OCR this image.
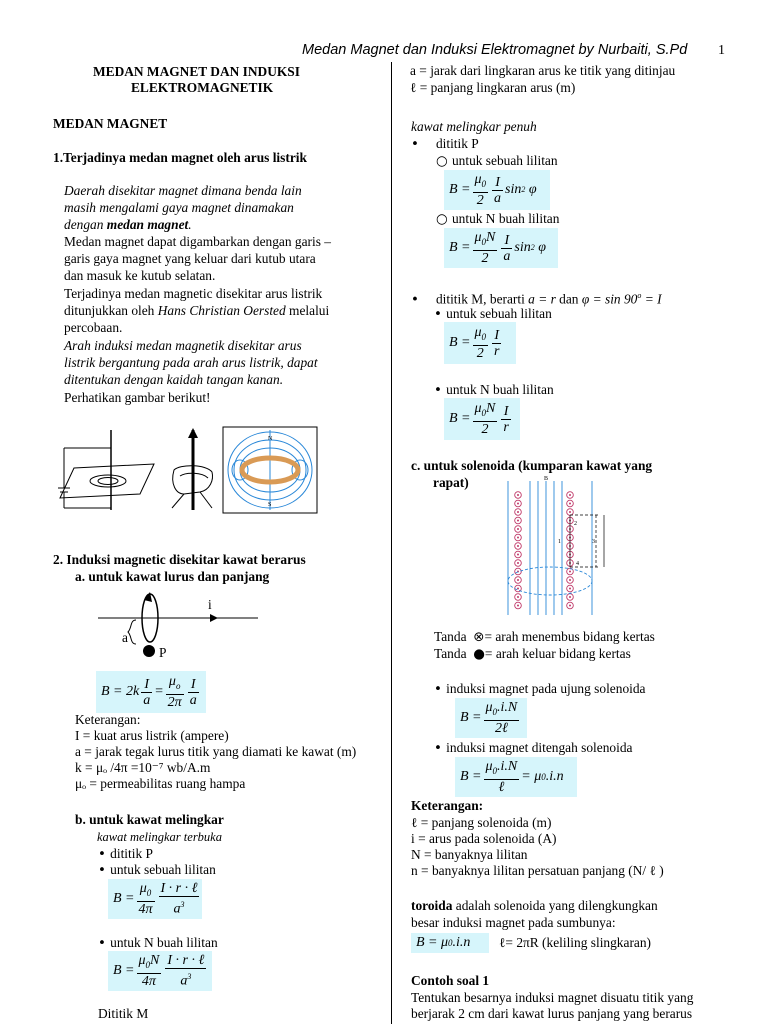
Medan Magnet dan Induksi Elektromagnet by Nurbaiti, S.Pd 1
MEDAN MAGNET DAN INDUKSI
ELEKTROMAGNETIK
MEDAN MAGNET
1.Terjadinya medan magnet oleh arus listrik
Daerah disekitar magnet dimana benda lain
masih mengalami gaya magnet dinamakan
dengan medan magnet.
Medan magnet dapat digambarkan dengan garis –
garis gaya magnet yang keluar dari kutub utara
dan masuk ke kutub selatan.
Terjadinya medan magnetic disekitar arus listrik
ditunjukkan oleh Hans Christian Oersted melalui
percobaan.
Arah induksi medan magnetik disekitar arus
listrik bergantung pada arah arus listrik, dapat
ditentukan dengan kaidah tangan kanan.
Perhatikan gambar berikut!
N
S
2. Induksi magnetic disekitar kawat berarus
a. untuk kawat lurus dan panjang
i
a
P
$B = 2k \frac{I}{a} = \frac{\mu_o}{2\pi} \frac{I}{a}$
Keterangan:
I = kuat arus listrik (ampere)
a = jarak tegak lurus titik yang diamati ke kawat (m)
k = μₒ /4π =10⁻⁷ wb/A.m
μₒ = permeabilitas ruang hampa
b. untuk kawat melingkar
kawat melingkar terbuka
• dititik P
• untuk sebuah lilitan
$B = \frac{\mu_0}{4\pi} \frac{\text{I · r · ℓ}}{a^3}$
• untuk N buah lilitan
$B = \frac{\mu_0N}{4\pi} \frac{\text{I · r · ℓ}}{a^3}$
Dititik M
a = jarak dari lingkaran arus ke titik yang ditinjau
ℓ = panjang lingkaran arus (m)
kawat melingkar penuh
•    dititik P
○ untuk sebuah lilitan
$B = \frac{\mu_0}{2} \frac{I}{a}$ sin 2 φ
○ untuk N buah lilitan
$B = \frac{\mu_0N}{2} \frac{I}{a}$ sin 2 φ
•    dititik M, berarti a = r dan $\varphi = \sin 90^o = I$
• untuk sebuah lilitan
$B = \frac{\mu_0}{2} \frac{I}{r}$
• untuk N buah lilitan
$B = \frac{\mu_0N}{2} \frac{I}{r}$
c. untuk solenoida (kumparan kawat yang
rapat)	B
2
1	3
4
Tanda ⊗= arah menembus bidang kertas
Tanda ●= arah keluar bidang kertas
• induksi magnet pada ujung solenoida
$B = \frac{\mu_0.i.N}{\text{2ℓ}}$
• induksi magnet ditengah solenoida
$B = \frac{\mu_0.i.N}{\text{ℓ}} = \mu$ 0 .i.n
Keterangan:
ℓ = panjang solenoida (m)
i = arus pada solenoida (A)
N = banyaknya lilitan
n = banyaknya lilitan persatuan panjang (N/ ℓ )
toroida adalah solenoida yang dilengkungkan
besar induksi magnet pada sumbunya:
B = μ 0 .i.n	ℓ= 2πR (keliling slingkaran)
Contoh soal 1
Tentukan besarnya induksi magnet disuatu titik yang
berjarak 2 cm dari kawat lurus panjang yang berarus
